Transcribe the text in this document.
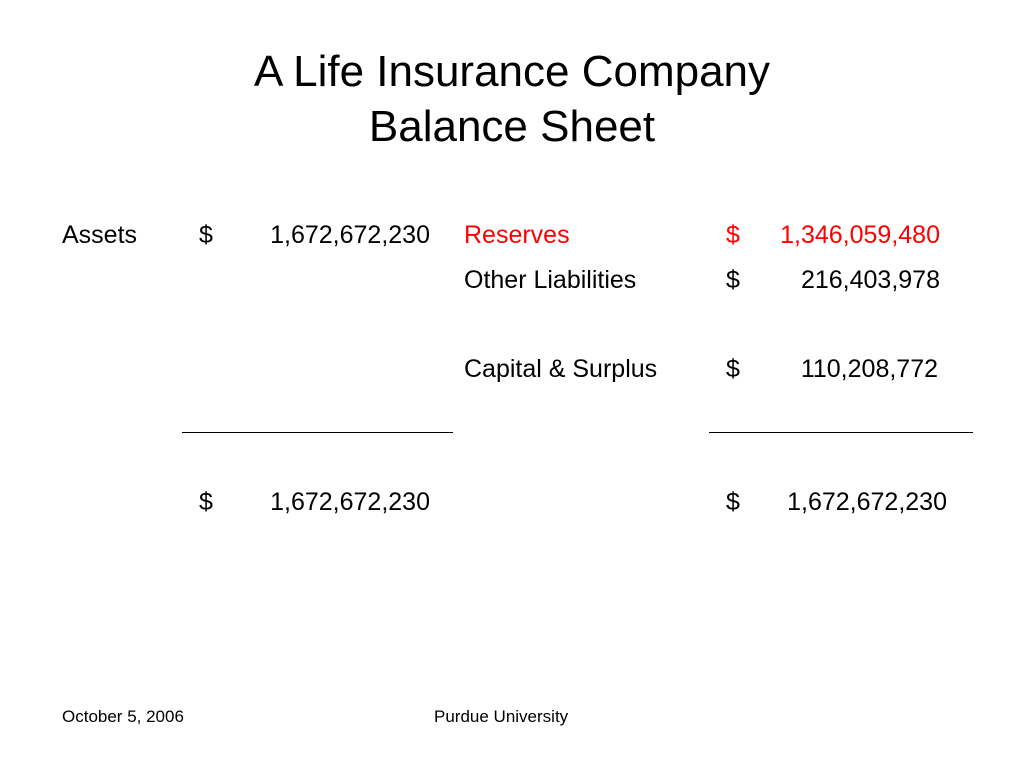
A Life Insurance Company
Balance Sheet
Assets $	1,672,672,230 Reserves	$	1,346,059,480
Other Liabilities	$	216,403,978
Capital & Surplus	$	110,208,772
$	1,672,672,230	$	1,672,672,230
October 5, 2006	Purdue University
